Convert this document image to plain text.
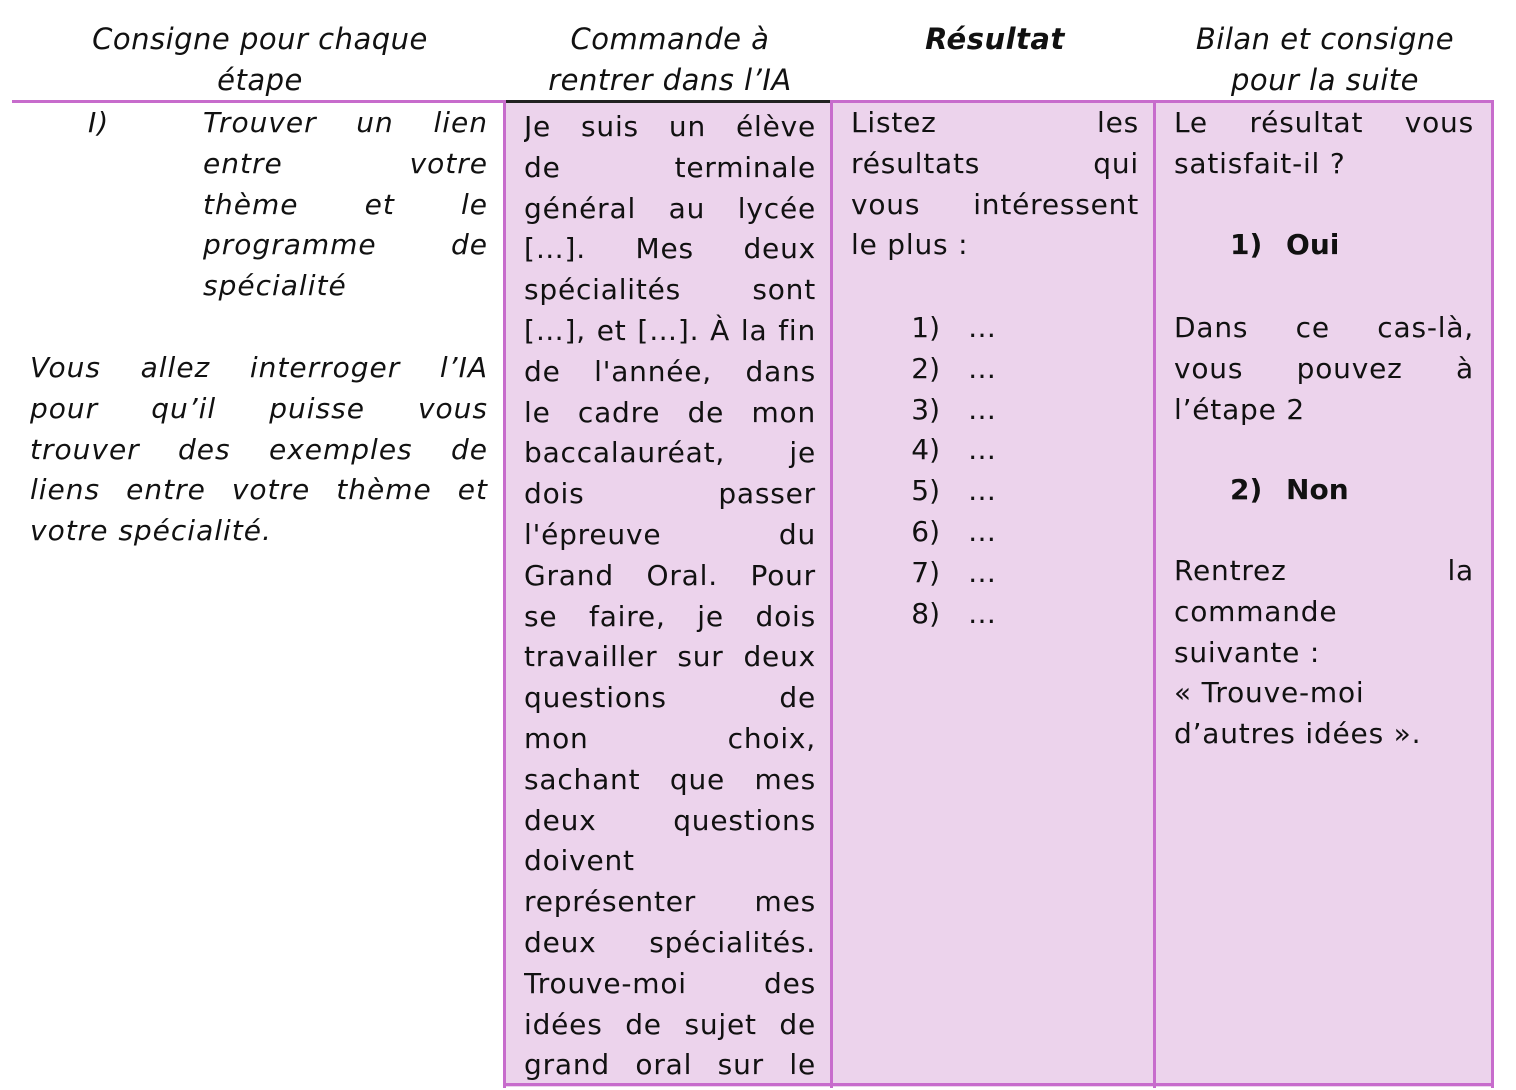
Consigne pour chaque
étape
Commande à
rentrer dans l’IA
Résultat	Bilan et consigne
pour la suite
I)	Trouver un lien
entre votre
thème et le
programme de
spécialité
Vous allez interroger l’IA
pour qu’il puisse vous
trouver des exemples de
liens entre votre thème et
votre spécialité.
Je suis un élève
de terminale
général au lycée
[…]. Mes deux
spécialités sont
[…], et […]. À la fin
de l'année, dans
le cadre de mon
baccalauréat, je
dois passer
l'épreuve du
Grand Oral. Pour
se faire, je dois
travailler sur deux
questions de
mon choix,
sachant que mes
deux questions
doivent
représenter mes
deux spécialités.
Trouve-moi des
idées de sujet de
grand oral sur le
Listez les
résultats qui
vous intéressent
le plus :
1) …
2) …
3) …
4) …
5) …
6) …
7) …
8) …
Le résultat vous
satisfait-il ?
1) Oui
Dans ce cas-là,
vous pouvez à
l’étape 2
2) Non
Rentrez la
commande
suivante :
« Trouve-moi
d’autres idées ».
